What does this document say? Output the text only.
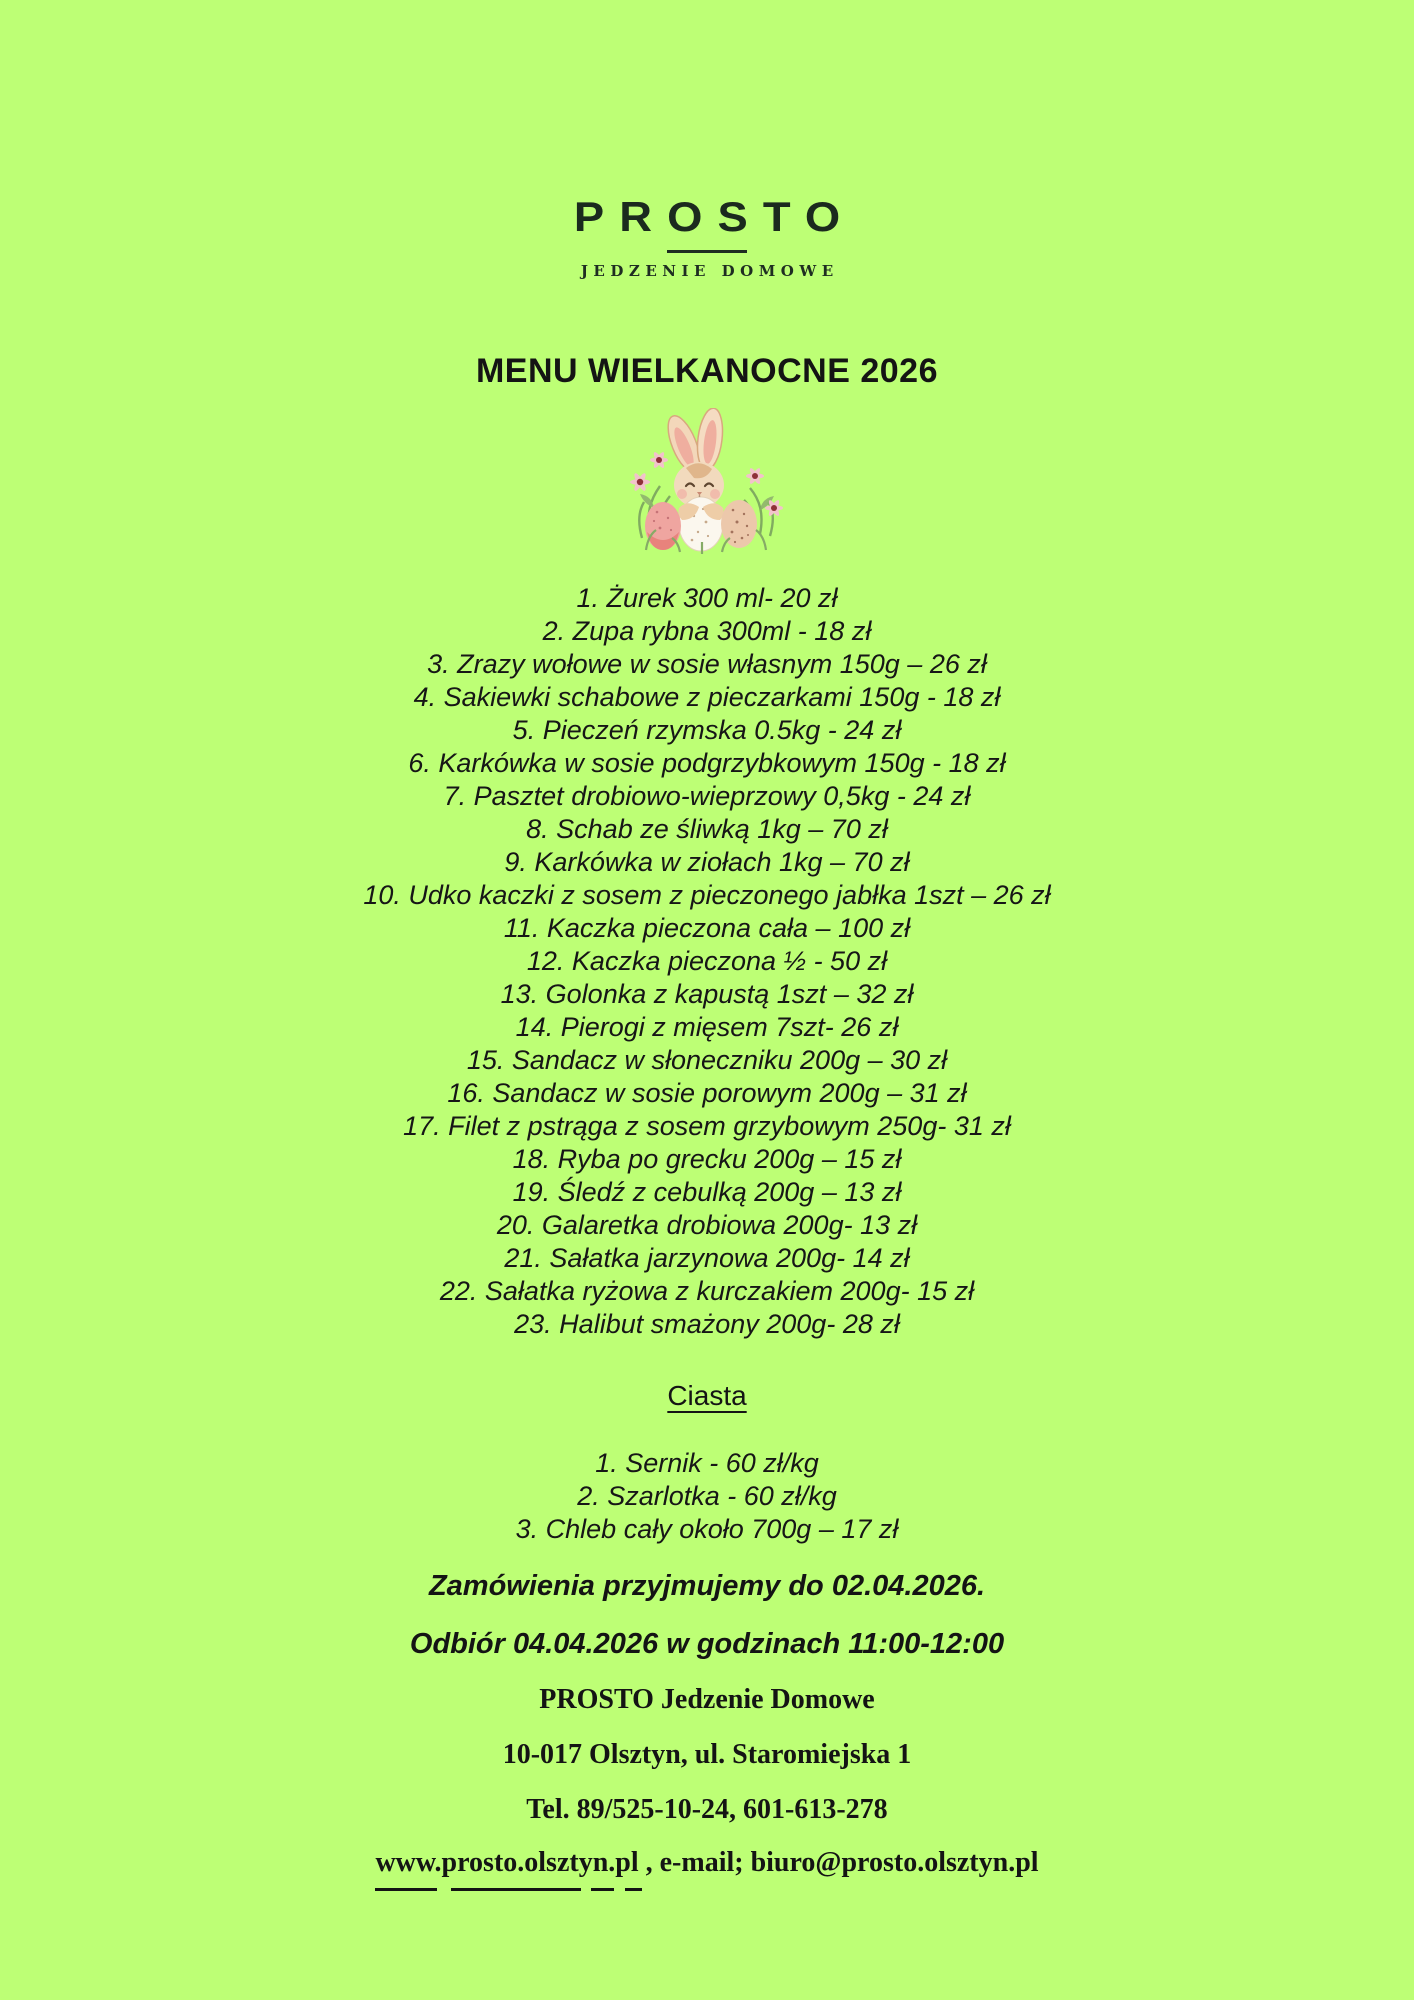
PROSTO
JEDZENIE DOMOWE
MENU WIELKANOCNE 2026
1. Żurek 300 ml- 20 zł
2. Zupa rybna 300ml - 18 zł
3. Zrazy wołowe w sosie własnym 150g – 26 zł
4. Sakiewki schabowe z pieczarkami 150g - 18 zł
5. Pieczeń rzymska 0.5kg - 24 zł
6. Karkówka w sosie podgrzybkowym 150g - 18 zł
7. Pasztet drobiowo-wieprzowy 0,5kg - 24 zł
8. Schab ze śliwką 1kg – 70 zł
9. Karkówka w ziołach 1kg – 70 zł
10. Udko kaczki z sosem z pieczonego jabłka 1szt – 26 zł
11. Kaczka pieczona cała – 100 zł
12. Kaczka pieczona ½ - 50 zł
13. Golonka z kapustą 1szt – 32 zł
14. Pierogi z mięsem 7szt- 26 zł
15. Sandacz w słoneczniku 200g – 30 zł
16. Sandacz w sosie porowym 200g – 31 zł
17. Filet z pstrąga z sosem grzybowym 250g- 31 zł
18. Ryba po grecku 200g – 15 zł
19. Śledź z cebulką 200g – 13 zł
20. Galaretka drobiowa 200g- 13 zł
21. Sałatka jarzynowa 200g- 14 zł
22. Sałatka ryżowa z kurczakiem 200g- 15 zł
23. Halibut smażony 200g- 28 zł
Ciasta
1. Sernik - 60 zł/kg
2. Szarlotka - 60 zł/kg
3. Chleb cały około 700g – 17 zł

Zamówienia przyjmujemy do 02.04.2026.

Odbiór 04.04.2026 w godzinach 11:00-12:00

PROSTO Jedzenie Domowe

10-017 Olsztyn, ul. Staromiejska 1

Tel. 89/525-10-24, 601-613-278

www.prosto.olsztyn.pl
, e-mail; biuro@prosto.olsztyn.pl
